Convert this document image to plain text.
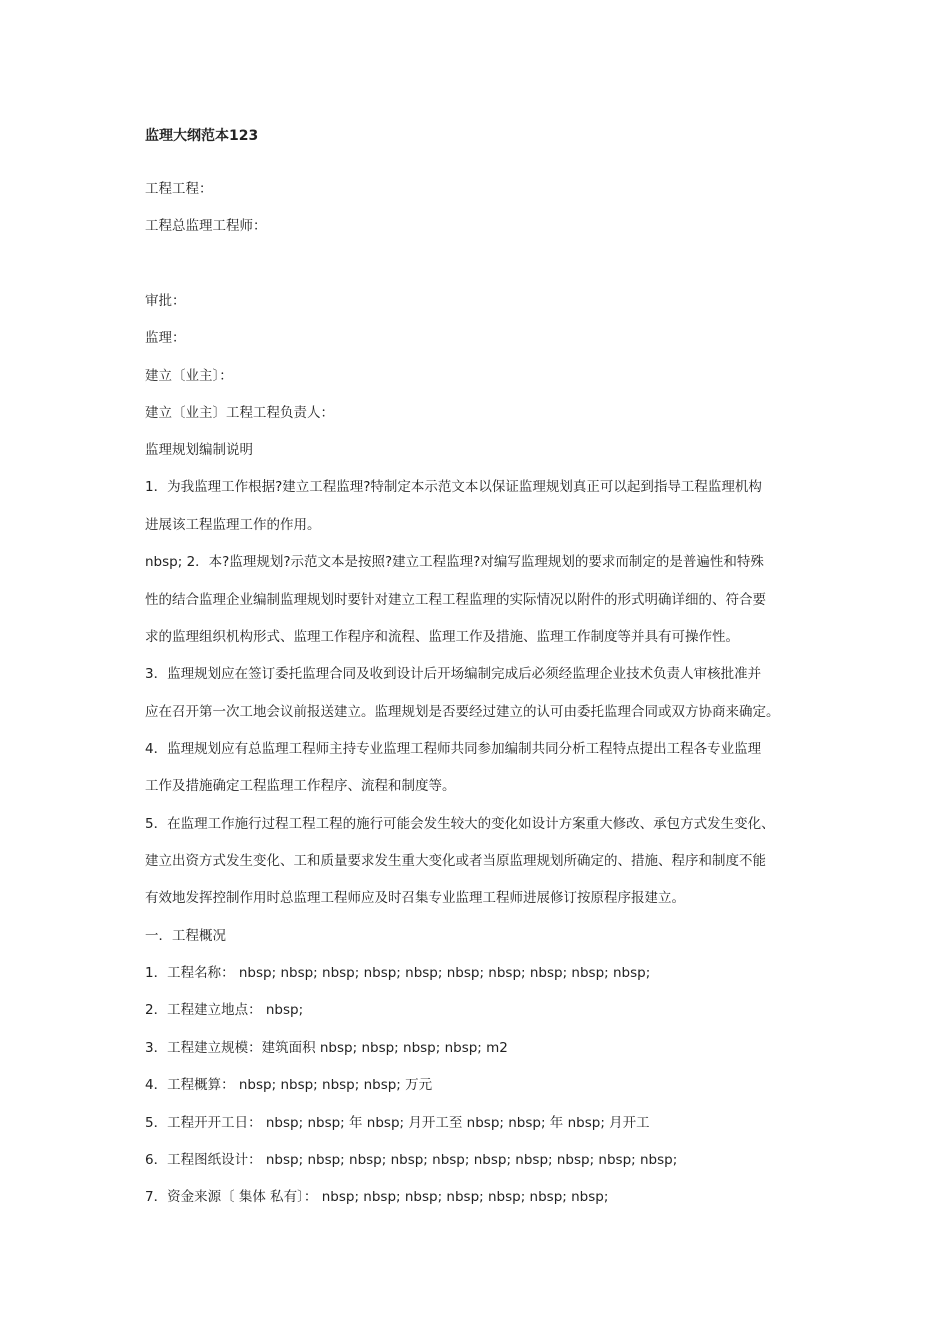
监理大纲范本123
工程工程：
工程总监理工程师：
审批：
监理：
建立〔业主〕：
建立〔业主〕工程工程负责人：
监理规划编制说明
1．为我监理工作根据?建立工程监理?特制定本示范文本以保证监理规划真正可以起到指导工程监理机构
进展该工程监理工作的作用。
nbsp; 2．本?监理规划?示范文本是按照?建立工程监理?对编写监理规划的要求而制定的是普遍性和特殊
性的结合监理企业编制监理规划时要针对建立工程工程监理的实际情况以附件的形式明确详细的、符合要
求的监理组织机构形式、监理工作程序和流程、监理工作及措施、监理工作制度等并具有可操作性。
3．监理规划应在签订委托监理合同及收到设计后开场编制完成后必须经监理企业技术负责人审核批准并
应在召开第一次工地会议前报送建立。监理规划是否要经过建立的认可由委托监理合同或双方协商来确定。
4．监理规划应有总监理工程师主持专业监理工程师共同参加编制共同分析工程特点提出工程各专业监理
工作及措施确定工程监理工作程序、流程和制度等。
5．在监理工作施行过程工程工程的施行可能会发生较大的变化如设计方案重大修改、承包方式发生变化、
建立出资方式发生变化、工和质量要求发生重大变化或者当原监理规划所确定的、措施、程序和制度不能
有效地发挥控制作用时总监理工程师应及时召集专业监理工程师进展修订按原程序报建立。
一．工程概况
1．工程名称： nbsp; nbsp; nbsp; nbsp; nbsp; nbsp; nbsp; nbsp; nbsp; nbsp;
2．工程建立地点： nbsp;
3．工程建立规模：建筑面积 nbsp; nbsp; nbsp; nbsp; m2
4．工程概算： nbsp; nbsp; nbsp; nbsp; 万元
5．工程开开工日： nbsp; nbsp; 年 nbsp; 月开工至 nbsp; nbsp; 年 nbsp; 月开工
6．工程图纸设计： nbsp; nbsp; nbsp; nbsp; nbsp; nbsp; nbsp; nbsp; nbsp; nbsp;
7．资金来源〔 集体 私有〕： nbsp; nbsp; nbsp; nbsp; nbsp; nbsp; nbsp;
